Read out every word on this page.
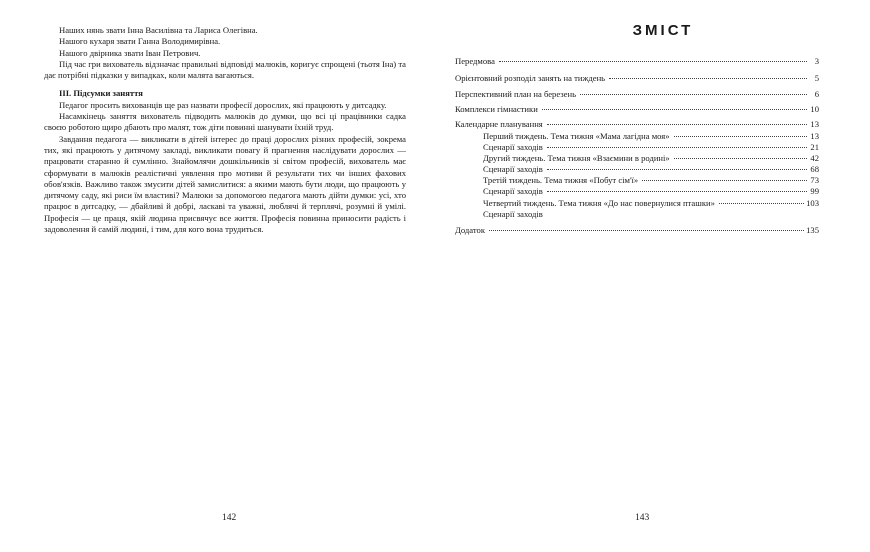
Наших нянь звати Інна Василівна та Лариса Олегівна.

Нашого кухаря звати Ганна Володимирівна.

Нашого двірника звати Іван Петрович.

Під час гри вихователь відзначає правильні відповіді малюків, коригує спрощені (тьотя Іна) та дає потрібні підказки у випадках, коли малята вагаються.

ІІІ. Підсумки заняття

Педагог просить вихованців ще раз назвати професії дорослих, які працюють у дитсадку.

Насамкінець заняття вихователь підводить малюків до думки, що всі ці працівники садка своєю роботою щиро дбають про малят, тож діти повинні шанувати їхній труд.

Завдання педагога — викликати в дітей інтерес до праці дорослих різних професій, зокрема тих, які працюють у дитячому закладі, викликати повагу й прагнення наслідувати дорослих — працювати старанно й сумлінно. Знайомлячи дошкільників зі світом професій, вихователь має сформувати в малюків реалістичні уявлення про мотиви й результати тих чи інших фахових обов'язків. Важливо також змусити дітей замислитися: а якими мають бути люди, що працюють у дитячому саду, які риси їм властиві? Малюки за допомогою педагога мають дійти думки: усі, хто працює в дитсадку, — дбайливі й добрі, ласкаві та уважні, люблячі й терплячі, розумні й умілі. Професія — це праця, якій людина присвячує все життя. Професія повинна приносити радість і задоволення й самій людині, і тим, для кого вона трудиться.

142
ЗМІСТ
Передмова	3
Орієнтовний розподіл занять на тиждень	5
Перспективний план на березень	6
Комплекси гімнастики	10
Календарне планування	13
Перший тиждень. Тема тижня «Мама лагідна моя»	13
Сценарії заходів	21
Другий тиждень. Тема тижня «Взаємини в родині»	42
Сценарії заходів	68
Третій тиждень. Тема тижня «Побут сім'ї»	73
Сценарії заходів	99
Четвертий тиждень. Тема тижня «До нас повернулися пташки»	103
Сценарії заходів
Додаток	135
143
